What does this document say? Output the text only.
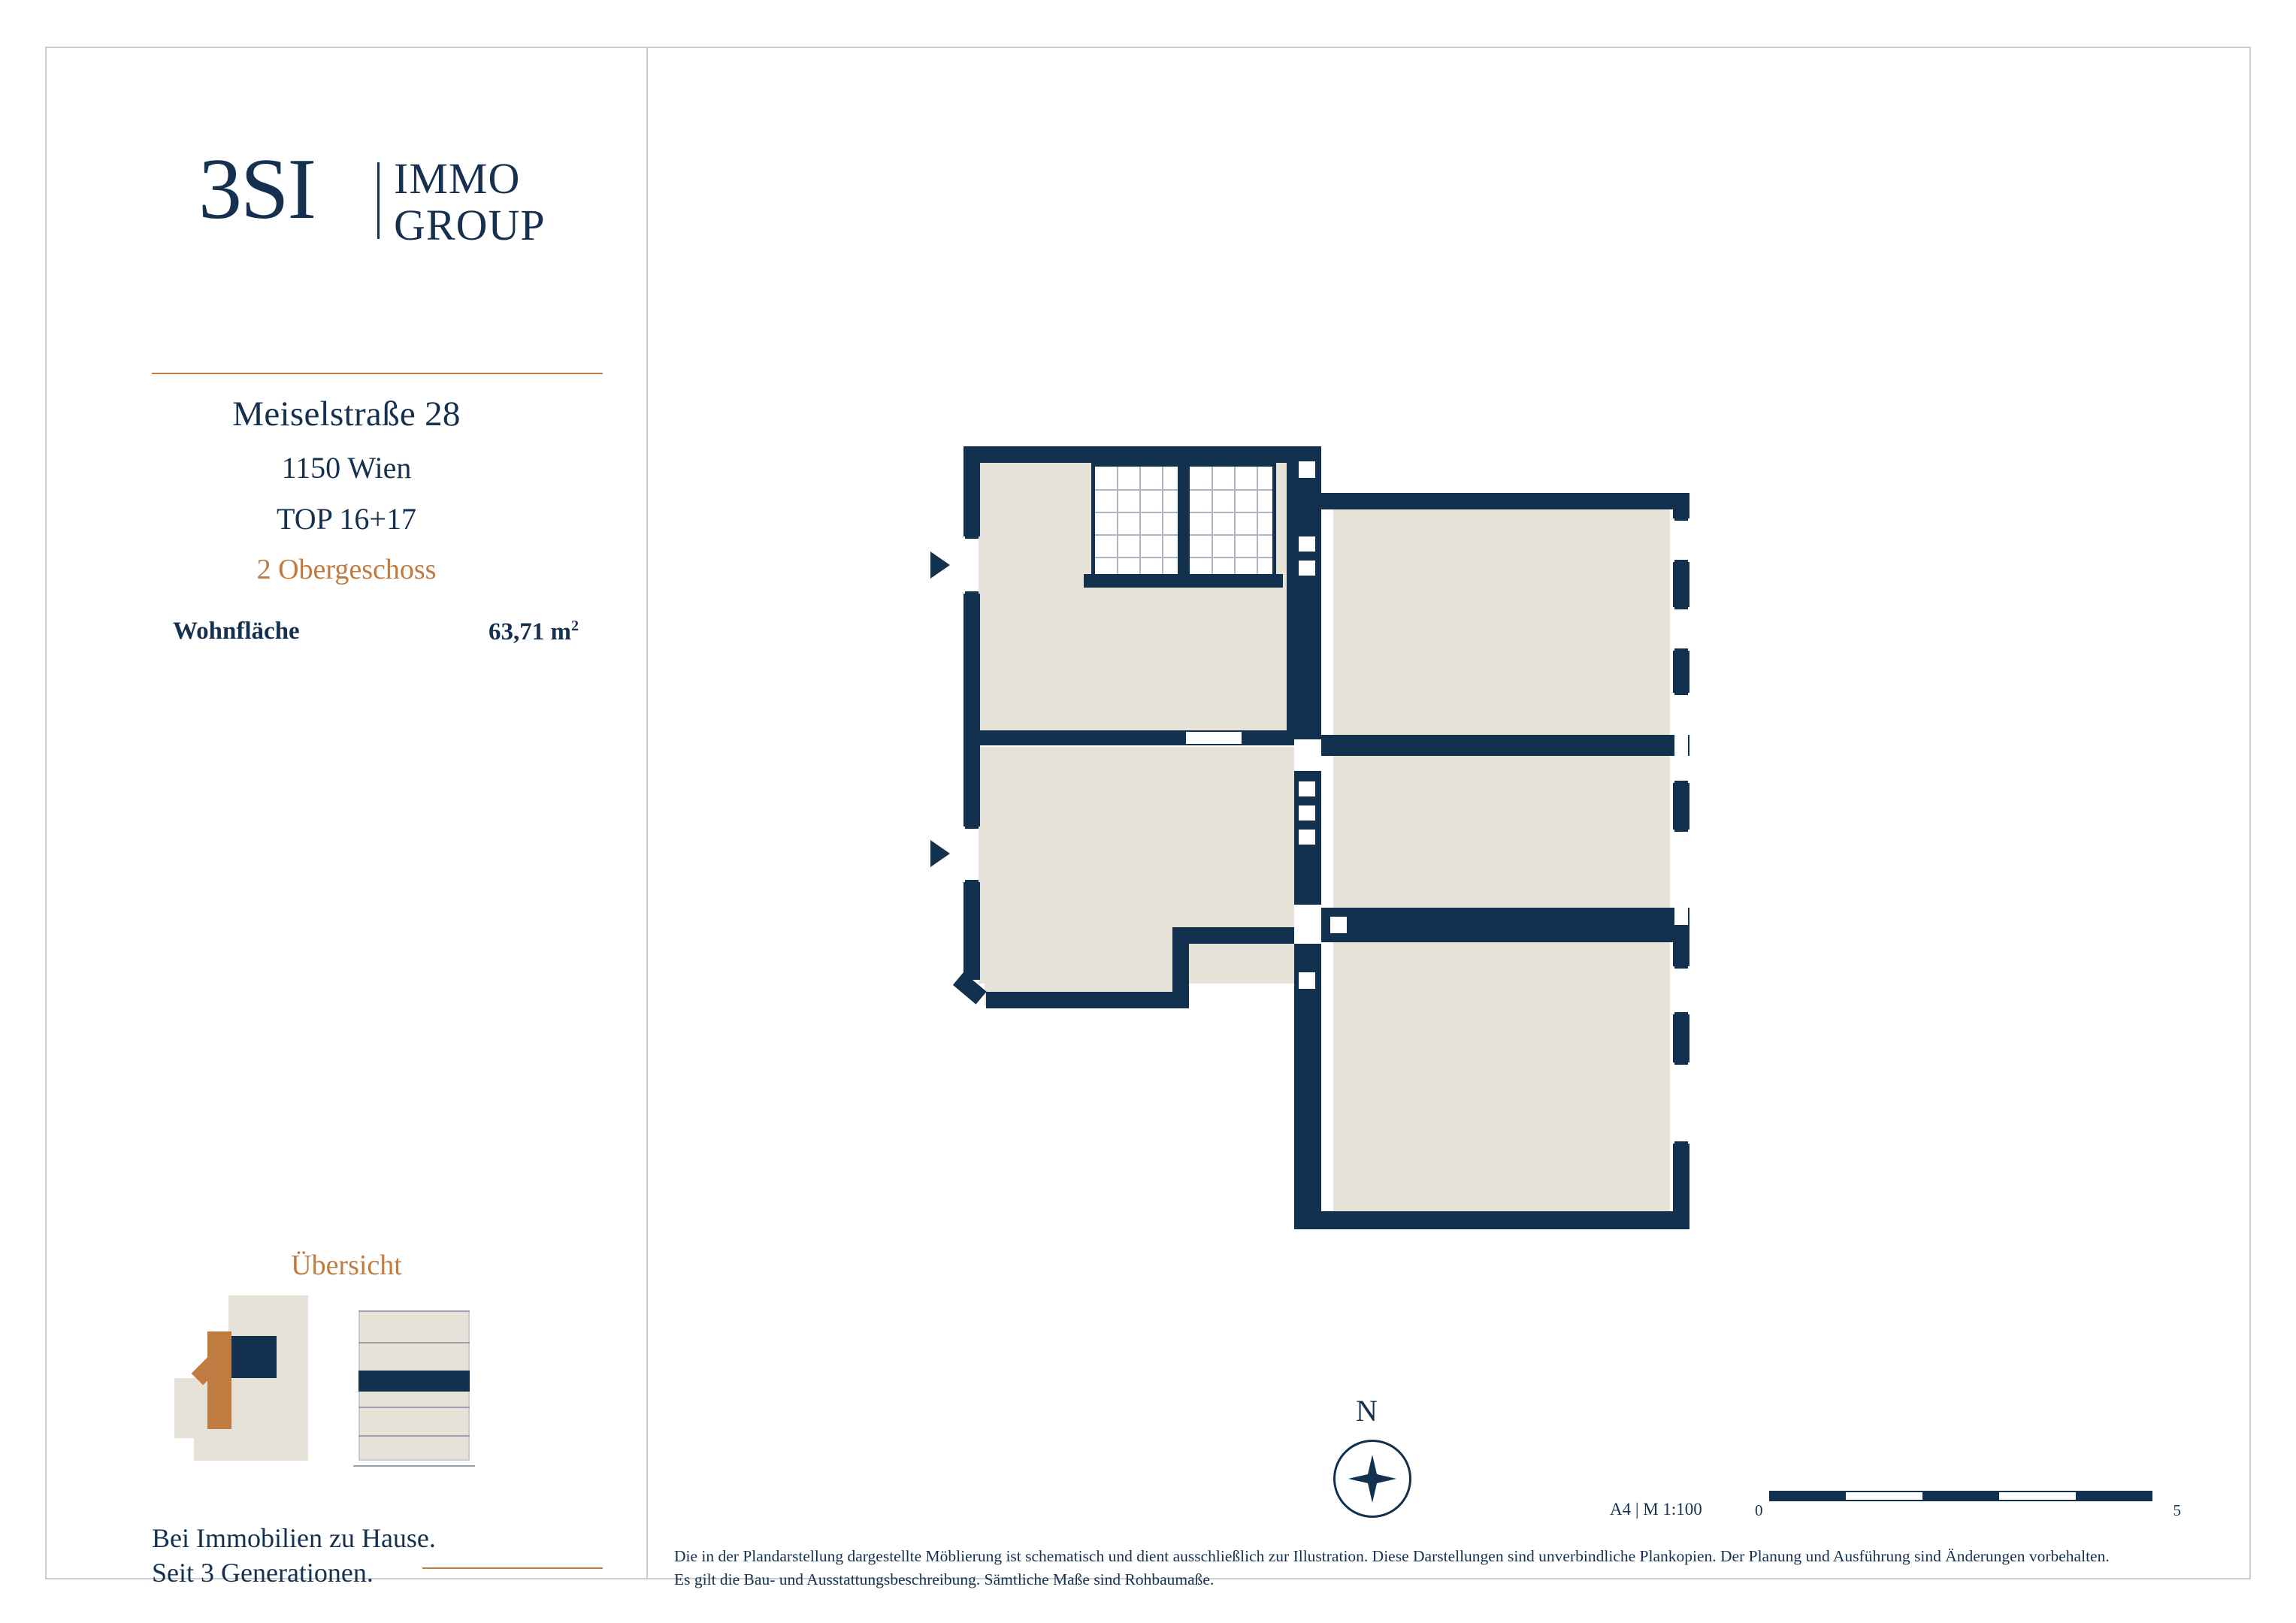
3SI IMMO
GROUP
Meiselstraße 28
1150 Wien
TOP 16+17
2 Obergeschoss
Wohnfläche	63,71 $m^2$
Übersicht
Bei Immobilien zu Hause.
Seit 3 Generationen.
N
A4 | M 1:100	0	5
Die in der Plandarstellung dargestellte Möblierung ist schematisch und dient ausschließlich zur Illustration. Diese Darstellungen sind unverbindliche Plankopien. Der Planung und Ausführung sind Änderungen vorbehalten.
Es gilt die Bau- und Ausstattungsbeschreibung. Sämtliche Maße sind Rohbaumaße.
